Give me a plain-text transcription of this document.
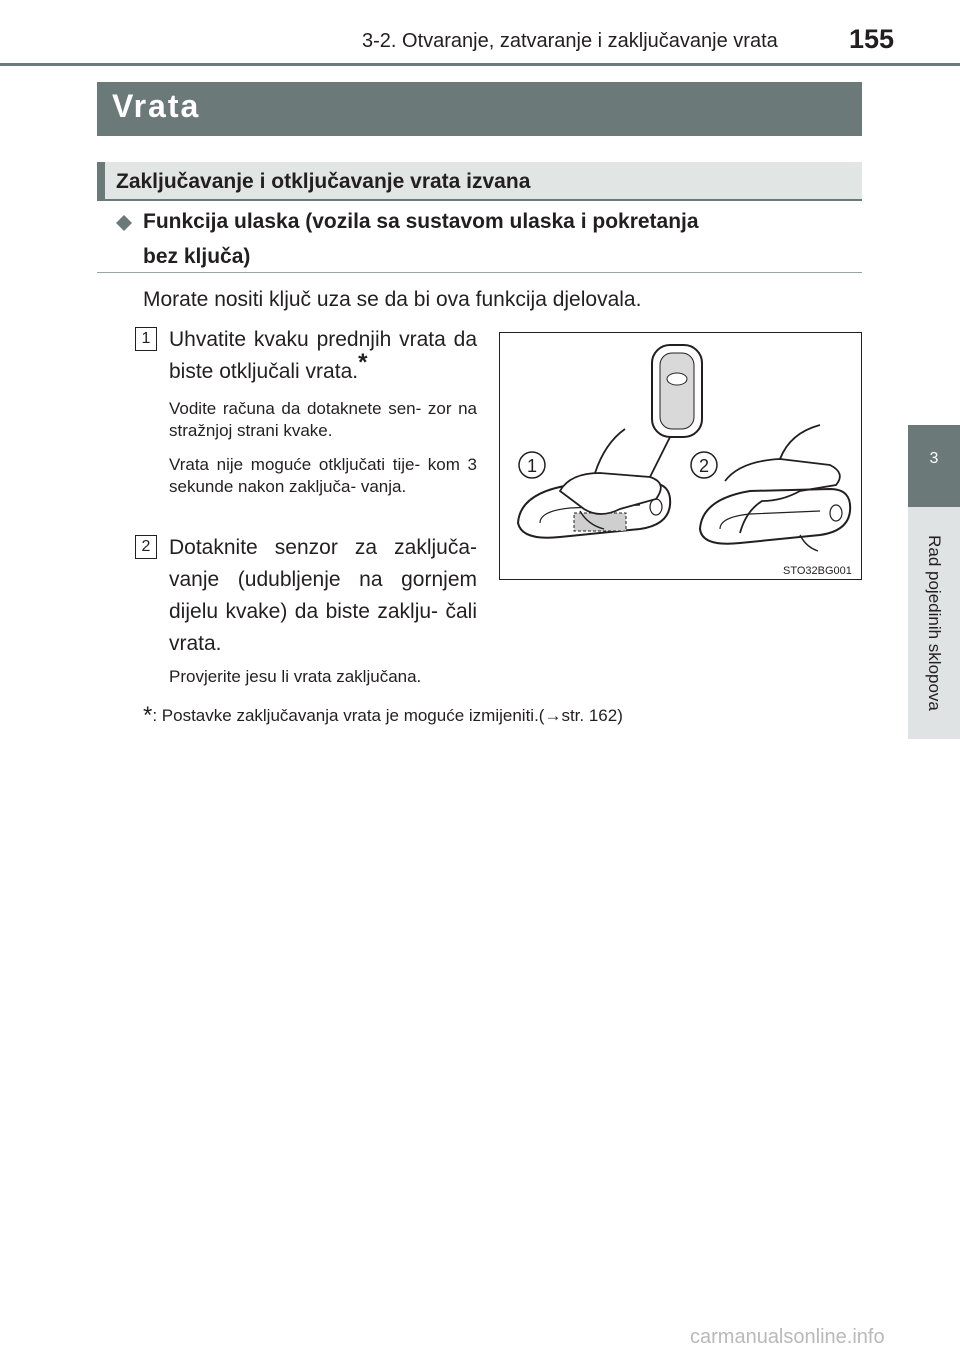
3-2. Otvaranje, zatvaranje i zaključavanje vrata	155
3
Rad pojedinih sklopova
Vrata
Zaključavanje i otključavanje vrata izvana
Funkcija ulaska (vozila sa sustavom ulaska i pokretanja
bez ključa)
Morate nositi ključ uza se da bi ova funkcija djelovala.
1 Uhvatite kvaku prednjih vrata da biste otključali vrata.*
Vodite računa da dotaknete sen- zor na stražnjoj strani kvake.
Vrata nije moguće otključati tije- kom 3 sekunde nakon zaključa- vanja.
2 Dotaknite senzor za zaključa- vanje (udubljenje na gornjem dijelu kvake) da biste zaklju- čali vrata.
Provjerite jesu li vrata zaključana.
*: Postavke zaključavanja vrata je moguće izmijeniti.(→str. 162)
1	2
STO32BG001
carmanualsonline.info
